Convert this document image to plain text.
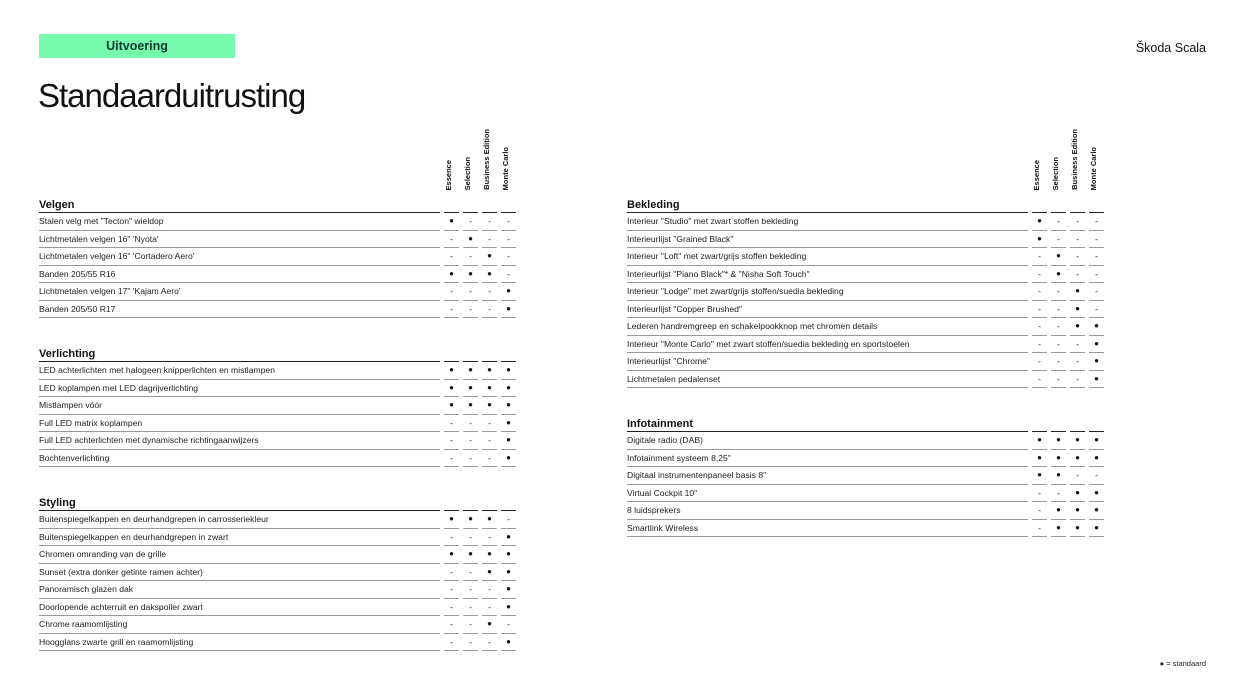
Uitvoering	Škoda Scala
Standaarduitrusting
Essence	Selection	Business Edition	Monte Carlo
Velgen
Stalen velg met "Tecton" wieldop	●	-	-	-
Lichtmetalen velgen 16" 'Nyota'	-	●	-	-
Lichtmetalen velgen 16" 'Cortadero Aero'	-	-	●	-
Banden 205/55 R16	●	●	●	-
Lichtmetalen velgen 17" 'Kajam Aero'	-	-	-	●
Banden 205/50 R17	-	-	-	●
Verlichting
LED achterlichten met halogeen knipperlichten en mistlampen	●	●	●	●
LED koplampen met LED dagrijverlichting	●	●	●	●
Mistlampen vóór	●	●	●	●
Full LED matrix koplampen	-	-	-	●
Full LED achterlichten met dynamische richtingaanwijzers	-	-	-	●
Bochtenverlichting	-	-	-	●
Styling
Buitenspiegelkappen en deurhandgrepen in carrosseriekleur	●	●	●	-
Buitenspiegelkappen en deurhandgrepen in zwart	-	-	-	●
Chromen omranding van de grille	●	●	●	●
Sunset (extra donker getinte ramen achter)	-	-	●	●
Panoramisch glazen dak	-	-	-	●
Doorlopende achterruit en dakspoiler zwart	-	-	-	●
Chrome raamomlijsting	-	-	●	-
Hoogglans zwarte grill en raamomlijsting	-	-	-	●
Essence	Selection	Business Edition	Monte Carlo
Bekleding
Interieur "Studio" met zwart stoffen bekleding	●	-	-	-
Interieurlijst "Grained Black"	●	-	-	-
Interieur "Loft" met zwart/grijs stoffen bekleding	-	●	-	-
Interieurlijst "Piano Black"* & "Nisha Soft Touch"	-	●	-	-
Interieur "Lodge" met zwart/grijs stoffen/suedia bekleding	-	-	●	-
Interieurlijst "Copper Brushed"	-	-	●	-
Lederen handremgreep en schakelpookknop met chromen details	-	-	●	●
Interieur "Monte Carlo" met zwart stoffen/suedia bekleding en sportstoelen	-	-	-	●
Interieurlijst "Chrome"	-	-	-	●
Lichtmetalen pedalenset	-	-	-	●
Infotainment
Digitale radio (DAB)	●	●	●	●
Infotainment systeem 8,25"	●	●	●	●
Digitaal instrumentenpaneel basis 8"	●	●	-	-
Virtual Cockpit 10"	-	-	●	●
8 luidsprekers	-	●	●	●
Smartlink Wireless	-	●	●	●
● = standaard
